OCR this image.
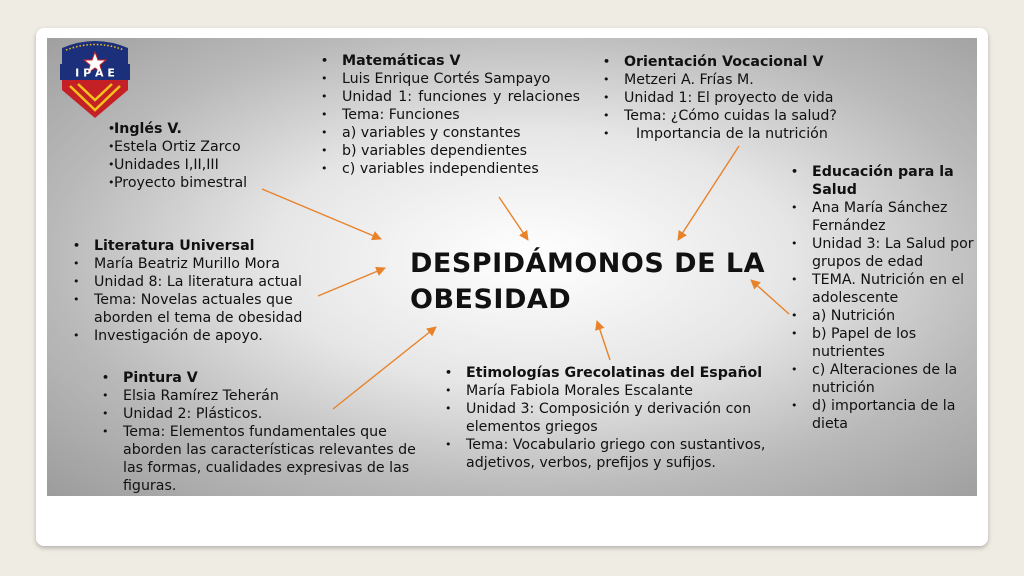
I P A E
• Matemáticas V
• Luis Enrique Cortés Sampayo
• Unidad 1: funciones y relaciones
• Tema: Funciones
• a) variables y constantes
• b) variables dependientes
• c) variables independientes
• Orientación Vocacional V
• Metzeri A. Frías M.
• Unidad 1: El proyecto de vida
• Tema: ¿Cómo cuidas la salud?
• Importancia de la nutrición
• Inglés V.
• Estela Ortiz Zarco
• Unidades I,II,III
• Proyecto bimestral
• Educación para la Salud
• Ana María Sánchez Fernández
• Unidad 3: La Salud por grupos de edad
• TEMA. Nutrición en el adolescente
• a) Nutrición
• b) Papel de los nutrientes
• c) Alteraciones de la nutrición
• d) importancia de la dieta
• Literatura Universal
• María Beatriz Murillo Mora
• Unidad 8: La literatura actual
• Tema: Novelas actuales que aborden el tema de obesidad
• Investigación de apoyo.
DESPIDÁMONOS DE LA OBESIDAD
• Pintura V
• Elsia Ramírez Teherán
• Unidad 2: Plásticos.
• Tema: Elementos fundamentales que aborden las características relevantes de las formas, cualidades expresivas de las figuras.
• Etimologías Grecolatinas del Español
• María Fabiola Morales Escalante
• Unidad 3: Composición y derivación con elementos griegos
• Tema: Vocabulario griego con sustantivos, adjetivos, verbos, prefijos y sufijos.
